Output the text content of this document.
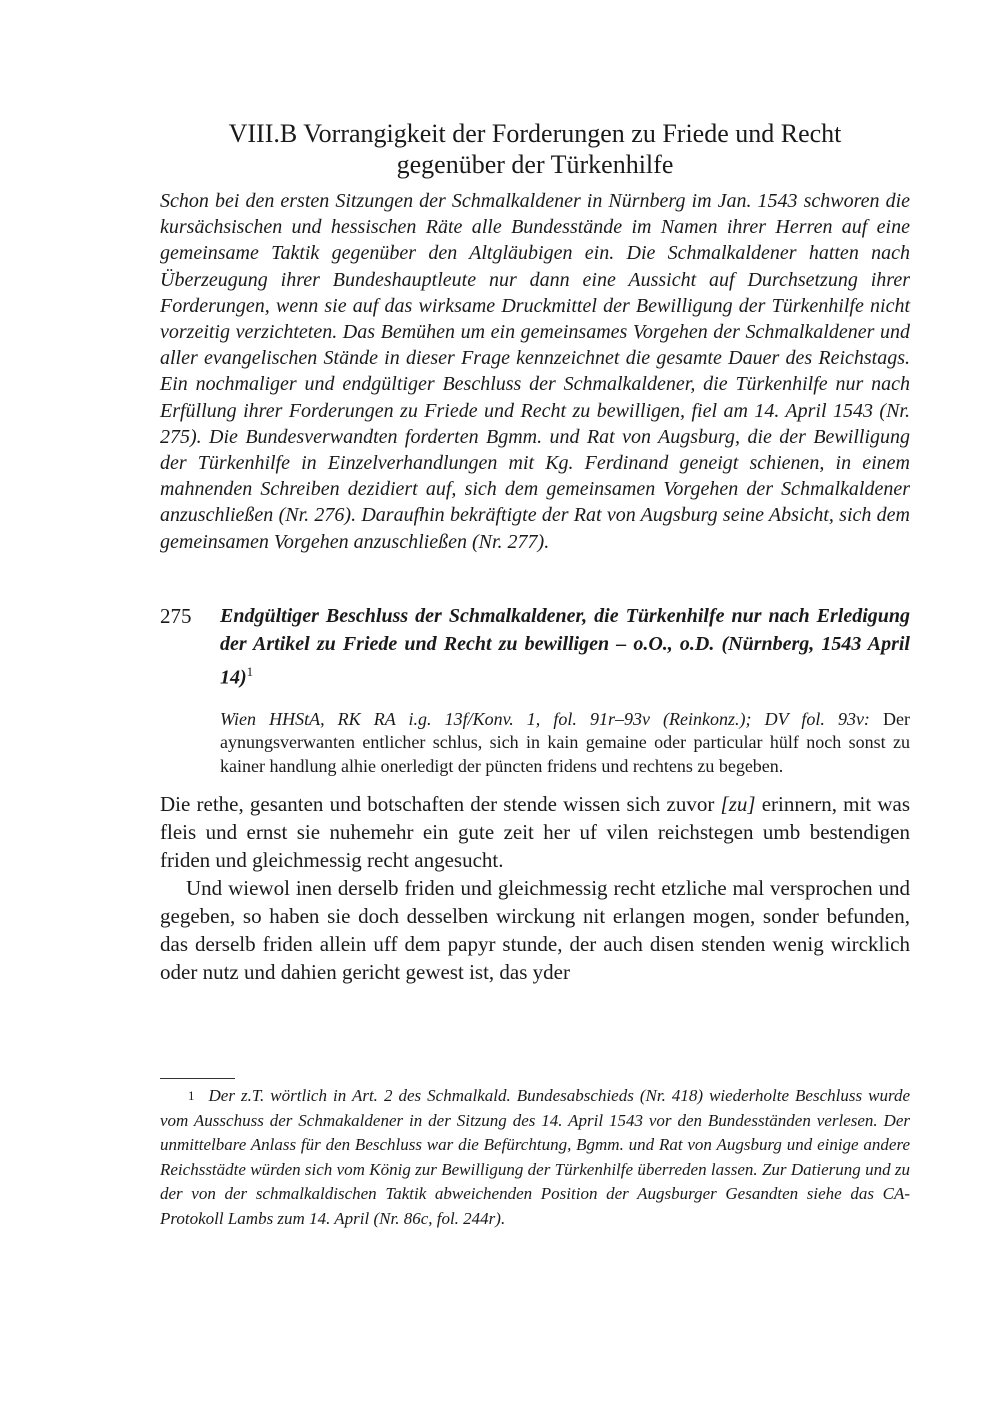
VIII.B Vorrangigkeit der Forderungen zu Friede und Recht
gegenüber der Türkenhilfe

Schon bei den ersten Sitzungen der Schmalkaldener in Nürnberg im Jan. 1543 schworen die kursächsischen und hessischen Räte alle Bundesstände im Namen ihrer Herren auf eine gemeinsame Taktik gegenüber den Altgläubigen ein. Die Schmalkaldener hatten nach Überzeugung ihrer Bundeshauptleute nur dann eine Aussicht auf Durchsetzung ihrer Forderungen, wenn sie auf das wirksame Druckmittel der Bewilligung der Türkenhilfe nicht vorzeitig verzichteten. Das Bemühen um ein gemeinsames Vorgehen der Schmalkaldener und aller evangelischen Stände in dieser Frage kennzeichnet die gesamte Dauer des Reichstags. Ein nochmaliger und endgültiger Beschluss der Schmalkaldener, die Türkenhilfe nur nach Erfüllung ihrer Forderungen zu Friede und Recht zu bewilligen, fiel am 14. April 1543 (Nr. 275). Die Bundesverwandten forderten Bgmm. und Rat von Augsburg, die der Bewilligung der Türkenhilfe in Einzelverhandlungen mit Kg. Ferdinand geneigt schienen, in einem mahnenden Schreiben dezidiert auf, sich dem gemeinsamen Vorgehen der Schmalkaldener anzuschließen (Nr. 276). Daraufhin bekräftigte der Rat von Augsburg seine Absicht, sich dem gemeinsamen Vorgehen anzuschließen (Nr. 277).

275	Endgültiger Beschluss der Schmalkaldener, die Türkenhilfe nur nach Erledigung der Artikel zu Friede und Recht zu bewilligen – o.O., o.D. (Nürnberg, 1543 April 14)$^1$
Wien HHStA, RK RA i.g. 13f/Konv. 1, fol. 91r–93v (Reinkonz.); DV fol. 93v: Der aynungsverwanten entlicher schlus, sich in kain gemaine oder particular hülf noch sonst zu kainer handlung alhie onerledigt der püncten fridens und rechtens zu begeben.

Die rethe, gesanten und botschaften der stende wissen sich zuvor [zu] erinnern, mit was fleis und ernst sie nuhemehr ein gute zeit her uf vilen reichstegen umb bestendigen friden und gleichmessig recht angesucht.

Und wiewol inen derselb friden und gleichmessig recht etzliche mal versprochen und gegeben, so haben sie doch desselben wirckung nit erlangen mogen, sonder befunden, das derselb friden allein uff dem papyr stunde, der auch disen stenden wenig wircklich oder nutz und dahien gericht gewest ist, das yder

$^1$ Der z.T. wörtlich in Art. 2 des Schmalkald. Bundesabschieds (Nr. 418) wiederholte Beschluss wurde vom Ausschuss der Schmakaldener in der Sitzung des 14. April 1543 vor den Bundesständen verlesen. Der unmittelbare Anlass für den Beschluss war die Befürchtung, Bgmm. und Rat von Augsburg und einige andere Reichsstädte würden sich vom König zur Bewilligung der Türkenhilfe überreden lassen. Zur Datierung und zu der von der schmalkaldischen Taktik abweichenden Position der Augsburger Gesandten siehe das CA-Protokoll Lambs zum 14. April (Nr. 86c, fol. 244r).
